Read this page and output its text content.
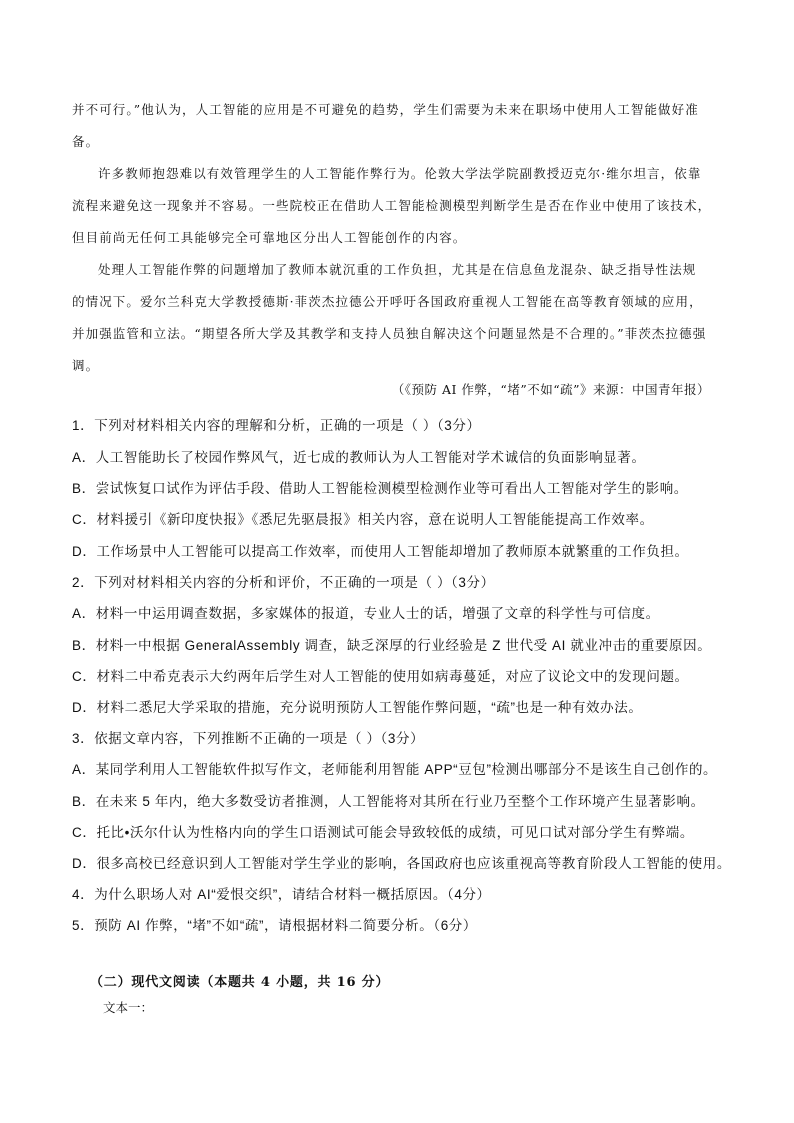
并不可行。”他认为，人工智能的应用是不可避免的趋势，学生们需要为未来在职场中使用人工智能做好准
备。
许多教师抱怨难以有效管理学生的人工智能作弊行为。伦敦大学法学院副教授迈克尔·维尔坦言，依靠
流程来避免这一现象并不容易。一些院校正在借助人工智能检测模型判断学生是否在作业中使用了该技术，
但目前尚无任何工具能够完全可靠地区分出人工智能创作的内容。
处理人工智能作弊的问题增加了教师本就沉重的工作负担，尤其是在信息鱼龙混杂、缺乏指导性法规
的情况下。爱尔兰科克大学教授德斯·菲茨杰拉德公开呼吁各国政府重视人工智能在高等教育领域的应用，
并加强监管和立法。“期望各所大学及其教学和支持人员独自解决这个问题显然是不合理的。”菲茨杰拉德强
调。
（《预防 AI 作弊，“堵”不如“疏”》来源：中国青年报）
1．下列对材料相关内容的理解和分析，正确的一项是（ ）（3分）
A．人工智能助长了校园作弊风气，近七成的教师认为人工智能对学术诚信的负面影响显著。
B．尝试恢复口试作为评估手段、借助人工智能检测模型检测作业等可看出人工智能对学生的影响。
C．材料援引《新印度快报》《悉尼先驱晨报》相关内容，意在说明人工智能能提高工作效率。
D．工作场景中人工智能可以提高工作效率，而使用人工智能却增加了教师原本就繁重的工作负担。
2．下列对材料相关内容的分析和评价，不正确的一项是（ ）（3分）
A．材料一中运用调查数据，多家媒体的报道，专业人士的话，增强了文章的科学性与可信度。
B．材料一中根据 GeneralAssembly 调查，缺乏深厚的行业经验是 Z 世代受 AI 就业冲击的重要原因。
C．材料二中希克表示大约两年后学生对人工智能的使用如病毒蔓延，对应了议论文中的发现问题。
D．材料二悉尼大学采取的措施，充分说明预防人工智能作弊问题，“疏”也是一种有效办法。
3．依据文章内容，下列推断不正确的一项是（ ）（3分）
A．某同学利用人工智能软件拟写作文，老师能利用智能 APP“豆包”检测出哪部分不是该生自己创作的。
B．在未来 5 年内，绝大多数受访者推测，人工智能将对其所在行业乃至整个工作环境产生显著影响。
C．托比•沃尔什认为性格内向的学生口语测试可能会导致较低的成绩，可见口试对部分学生有弊端。
D．很多高校已经意识到人工智能对学生学业的影响，各国政府也应该重视高等教育阶段人工智能的使用。
4．为什么职场人对 AI“爱恨交织”，请结合材料一概括原因。（4分）
5．预防 AI 作弊，“堵”不如“疏”，请根据材料二简要分析。（6分）
（二）现代文阅读（本题共 4 小题，共 16 分）
文本一：
